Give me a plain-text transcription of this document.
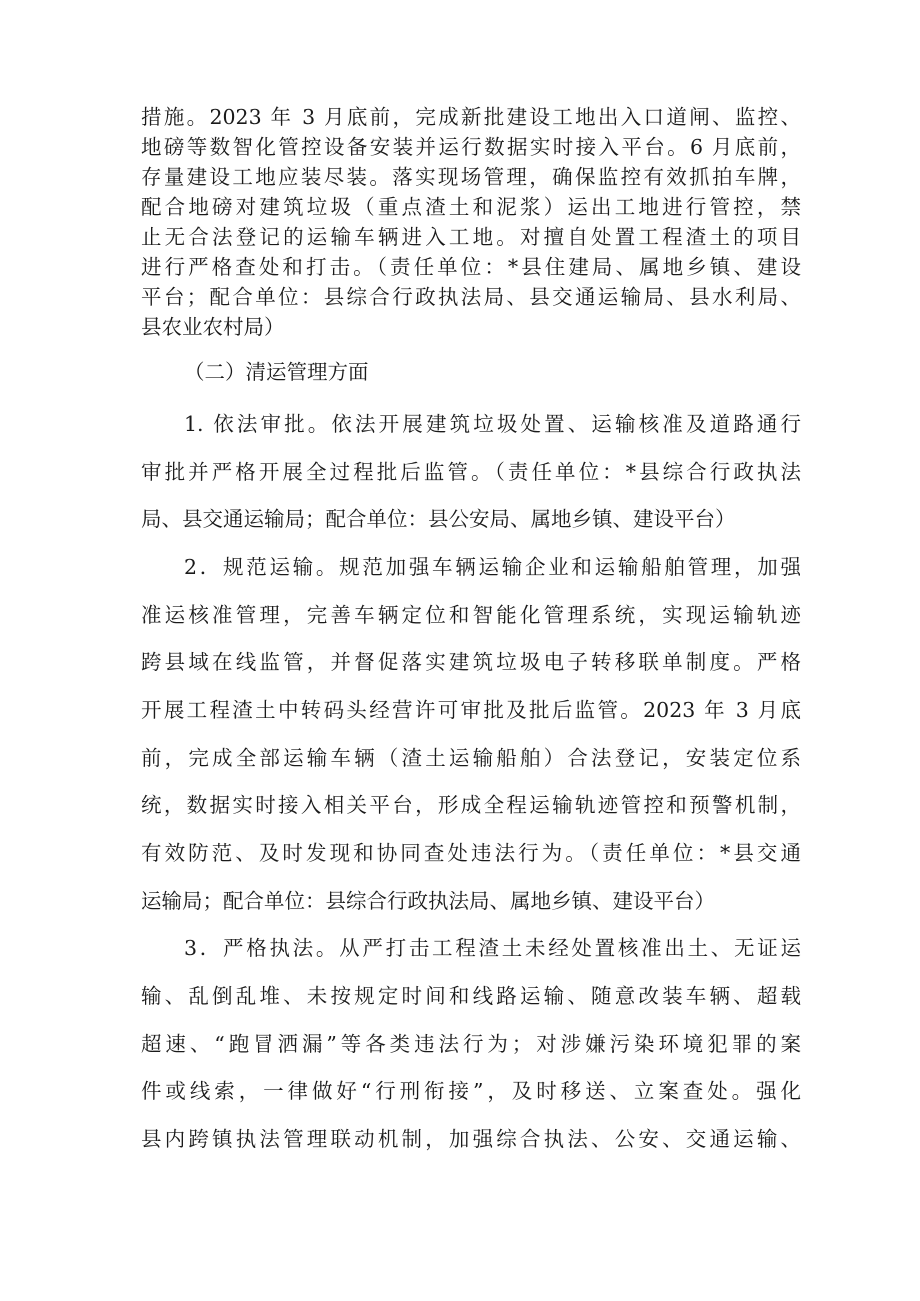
措施。2023 年 3 月底前，完成新批建设工地出入口道闸、监控、
地磅等数智化管控设备安装并运行数据实时接入平台。6 月底前，
存量建设工地应装尽装。落实现场管理，确保监控有效抓拍车牌，
配合地磅对建筑垃圾（重点渣土和泥浆）运出工地进行管控，禁
止无合法登记的运输车辆进入工地。对擅自处置工程渣土的项目
进行严格查处和打击。（责任单位：*县住建局、属地乡镇、建设
平台；配合单位：县综合行政执法局、县交通运输局、县水利局、
县农业农村局）
（二）清运管理方面
1. 依法审批。依法开展建筑垃圾处置、运输核准及道路通行
审批并严格开展全过程批后监管。（责任单位：*县综合行政执法
局、县交通运输局；配合单位：县公安局、属地乡镇、建设平台）
2．规范运输。规范加强车辆运输企业和运输船舶管理，加强
准运核准管理，完善车辆定位和智能化管理系统，实现运输轨迹
跨县域在线监管，并督促落实建筑垃圾电子转移联单制度。严格
开展工程渣土中转码头经营许可审批及批后监管。2023 年 3 月底
前，完成全部运输车辆（渣土运输船舶）合法登记，安装定位系
统，数据实时接入相关平台，形成全程运输轨迹管控和预警机制，
有效防范、及时发现和协同查处违法行为。（责任单位：*县交通
运输局；配合单位：县综合行政执法局、属地乡镇、建设平台）
3．严格执法。从严打击工程渣土未经处置核准出土、无证运
输、乱倒乱堆、未按规定时间和线路运输、随意改装车辆、超载
超速、“跑冒洒漏”等各类违法行为；对涉嫌污染环境犯罪的案
件或线索，一律做好“行刑衔接”，及时移送、立案查处。强化
县内跨镇执法管理联动机制，加强综合执法、公安、交通运输、
